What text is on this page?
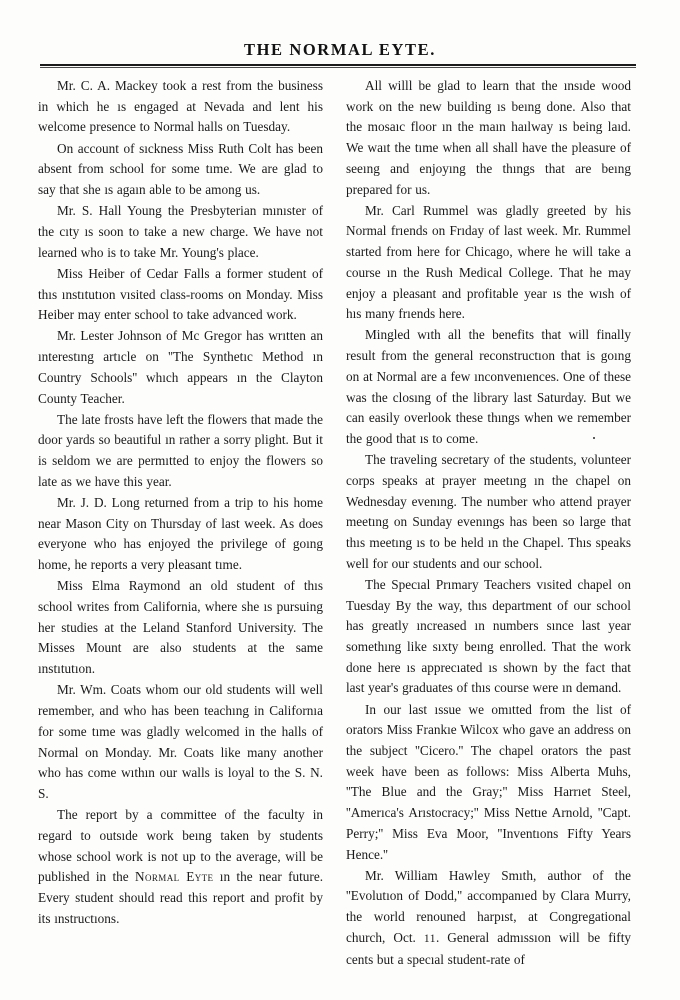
THE NORMAL EYTE.

Mr. C. A. Mackey took a rest from the business in which he ıs engaged at Nevada and lent his welcome presence to Normal halls on Tuesday.

On account of sıckness Miss Ruth Colt has been absent from school for some tıme. We are glad to say that she ıs agaın able to be among us.

Mr. S. Hall Young the Presbyterian mınıster of the cıty ıs soon to take a new charge. We have not learned who is to take Mr. Young's place.

Miss Heiber of Cedar Falls a former student of thıs ınstıtutıon vısited class-rooms on Monday. Miss Heiber may enter school to take advanced work.

Mr. Lester Johnson of Mc Gregor has wrıtten an ınterestıng artıcle on ''The Synthetıc Method ın Country Schools'' whıch appears ın the Clayton County Teacher.

The late frosts have left the flowers that made the door yards so beautiful ın rather a sorry plight. But it is seldom we are permıtted to enjoy the flowers so late as we have this year.

Mr. J. D. Long returned from a trip to his home near Mason City on Thursday of last week. As does everyone who has enjoyed the privilege of goıng home, he reports a very pleasant tıme.

Miss Elma Raymond an old student of thıs school writes from California, where she ıs pursuing her studies at the Leland Stanford University. The Misses Mount are also students at the same ınstıtutıon.

Mr. Wm. Coats whom our old students will well remember, and who has been teachıng in Californıa for some tıme was gladly welcomed in the halls of Normal on Monday. Mr. Coats like many another who has come wıthın our walls is loyal to the S. N. S.

The report by a committee of the faculty in regard to outsıde work beıng taken by students whose school work is not up to the average, will be published in the Normal Eyte ın the near future. Every student should read this report and profit by its ınstructıons.

All willl be glad to learn that the ınsıde wood work on the new building ıs beıng done. Also that the mosaıc floor ın the maın haılway ıs being laıd. We waıt the tıme when all shall have the pleasure of seeıng and enjoyıng the thıngs that are beıng prepared for us.

Mr. Carl Rummel was gladly greeted by his Normal frıends on Frıday of last week. Mr. Rummel started from here for Chicago, where he will take a course ın the Rush Medical College. That he may enjoy a pleasant and profitable year ıs the wısh of hıs many frıends here.

Mingled wıth all the benefits that will finally result from the general reconstructıon that is goıng on at Normal are a few ınconvenıences. One of these was the closıng of the library last Saturday. But we can easily overlook these thıngs when we remember the good that ıs to come.

The traveling secretary of the students, volunteer corps speaks at prayer meetıng ın the chapel on Wednesday evenıng. The number who attend prayer meetıng on Sunday evenıngs has been so large that thıs meetıng ıs to be held ın the Chapel. Thıs speaks well for our students and our school.

The Specıal Prımary Teachers vısited chapel on Tuesday By the way, thıs department of our school has greatly ıncreased ın numbers sınce last year somethıng like sıxty beıng enrolled. That the work done here ıs apprecıated ıs shown by the fact that last year's graduates of thıs course were ın demand.

In our last ıssue we omıtted from the list of orators Miss Frankıe Wilcox who gave an address on the subject ''Cicero.'' The chapel orators the past week have been as follows: Miss Alberta Muhs, ''The Blue and the Gray;'' Miss Harrıet Steel, ''Amerıca's Arıstocracy;'' Miss Nettıe Arnold, ''Capt. Perry;'' Miss Eva Moor, ''Inventıons Fifty Years Hence.''

Mr. William Hawley Smıth, author of the ''Evolutıon of Dodd,'' accompanıed by Clara Murry, the world renouned harpıst, at Congregational church, Oct. 11. General admıssıon will be fifty cents but a specıal student-rate of
